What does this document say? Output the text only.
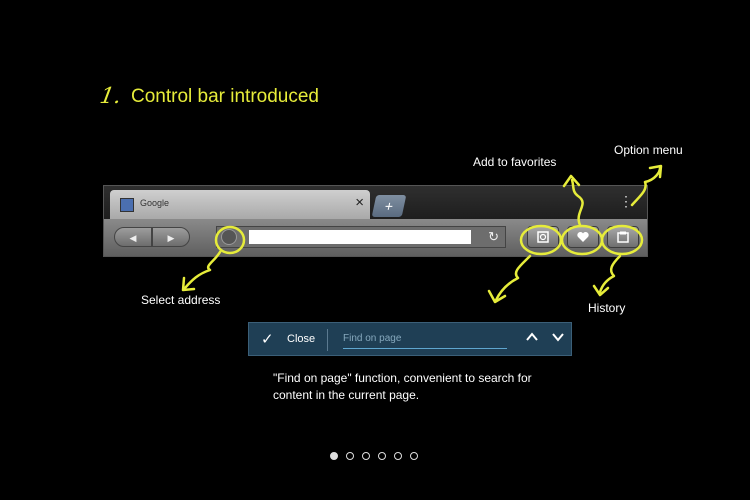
1. Control bar introduced
Google	×	+	⋮
◀	▶	↻
Add to favorites
Option menu
Select address
History
✓ Close
Find on page
"Find on page" function, convenient to search for
content in the current page.
